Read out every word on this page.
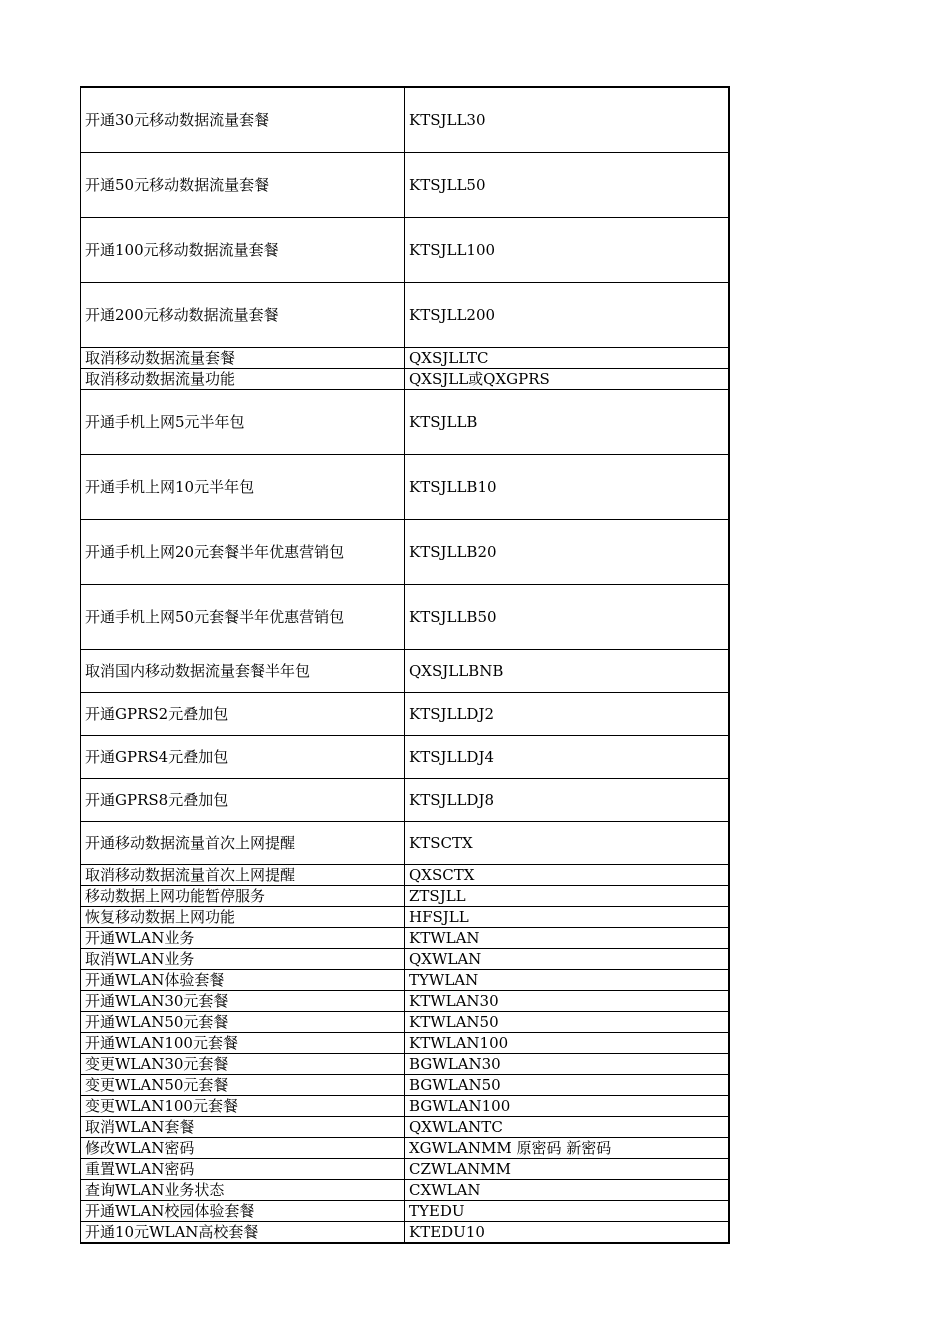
开通30元移动数据流量套餐	KTSJLL30
开通50元移动数据流量套餐	KTSJLL50
开通100元移动数据流量套餐	KTSJLL100
开通200元移动数据流量套餐	KTSJLL200
取消移动数据流量套餐	QXSJLLTC
取消移动数据流量功能	QXSJLL或QXGPRS
开通手机上网5元半年包	KTSJLLB
开通手机上网10元半年包	KTSJLLB10
开通手机上网20元套餐半年优惠营销包	KTSJLLB20
开通手机上网50元套餐半年优惠营销包	KTSJLLB50
取消国内移动数据流量套餐半年包	QXSJLLBNB
开通GPRS2元叠加包	KTSJLLDJ2
开通GPRS4元叠加包	KTSJLLDJ4
开通GPRS8元叠加包	KTSJLLDJ8
开通移动数据流量首次上网提醒	KTSCTX
取消移动数据流量首次上网提醒	QXSCTX
移动数据上网功能暂停服务	ZTSJLL
恢复移动数据上网功能	HFSJLL
开通WLAN业务	KTWLAN
取消WLAN业务	QXWLAN
开通WLAN体验套餐	TYWLAN
开通WLAN30元套餐	KTWLAN30
开通WLAN50元套餐	KTWLAN50
开通WLAN100元套餐	KTWLAN100
变更WLAN30元套餐	BGWLAN30
变更WLAN50元套餐	BGWLAN50
变更WLAN100元套餐	BGWLAN100
取消WLAN套餐	QXWLANTC
修改WLAN密码	XGWLANMM 原密码 新密码
重置WLAN密码	CZWLANMM
查询WLAN业务状态	CXWLAN
开通WLAN校园体验套餐	TYEDU
开通10元WLAN高校套餐	KTEDU10
